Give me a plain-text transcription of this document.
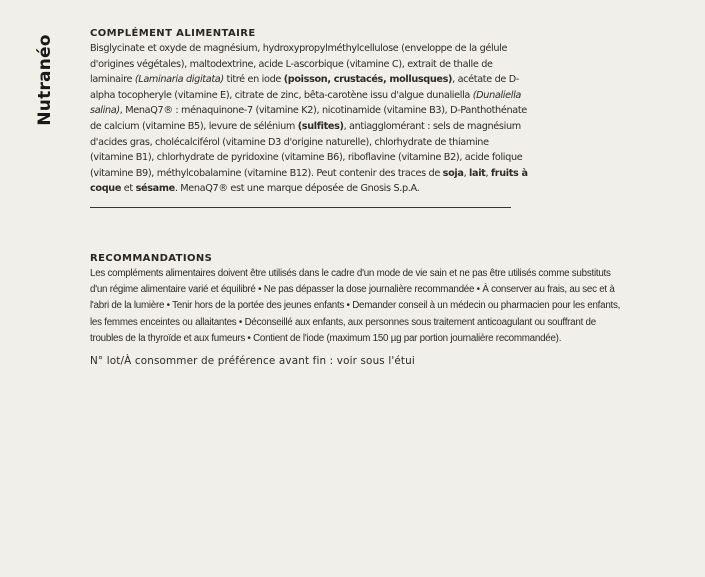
Nutranéo
COMPLÉMENT ALIMENTAIRE

Bisglycinate et oxyde de magnésium, hydroxypropylméthylcellulose (enveloppe de la gélule d'origines végétales), maltodextrine, acide L-ascorbique (vitamine C), extrait de thalle de laminaire (Laminaria digitata) titré en iode (poisson, crustacés, mollusques), acétate de D-alpha tocopheryle (vitamine E), citrate de zinc, bêta-carotène issu d'algue dunaliella (Dunaliella salina), MenaQ7® : ménaquinone-7 (vitamine K2), nicotinamide (vitamine B3), D-Panthothénate de calcium (vitamine B5), levure de sélénium (sulfites), antiagglomérant : sels de magnésium d'acides gras, cholécalciférol (vitamine D3 d'origine naturelle), chlorhydrate de thiamine (vitamine B1), chlorhydrate de pyridoxine (vitamine B6), riboflavine (vitamine B2), acide folique (vitamine B9), méthylcobalamine (vitamine B12). Peut contenir des traces de soja, lait, fruits à coque et sésame. MenaQ7® est une marque déposée de Gnosis S.p.A.

RECOMMANDATIONS

Les compléments alimentaires doivent être utilisés dans le cadre d'un mode de vie sain et ne pas être utilisés comme substituts d'un régime alimentaire varié et équilibré • Ne pas dépasser la dose journalière recommandée • À conserver au frais, au sec et à l'abri de la lumière • Tenir hors de la portée des jeunes enfants • Demander conseil à un médecin ou pharmacien pour les enfants, les femmes enceintes ou allaitantes • Déconseillé aux enfants, aux personnes sous traitement anticoagulant ou souffrant de troubles de la thyroïde et aux fumeurs • Contient de l'iode (maximum 150 µg par portion journalière recommandée).

N° lot/À consommer de préférence avant fin : voir sous l'étui
